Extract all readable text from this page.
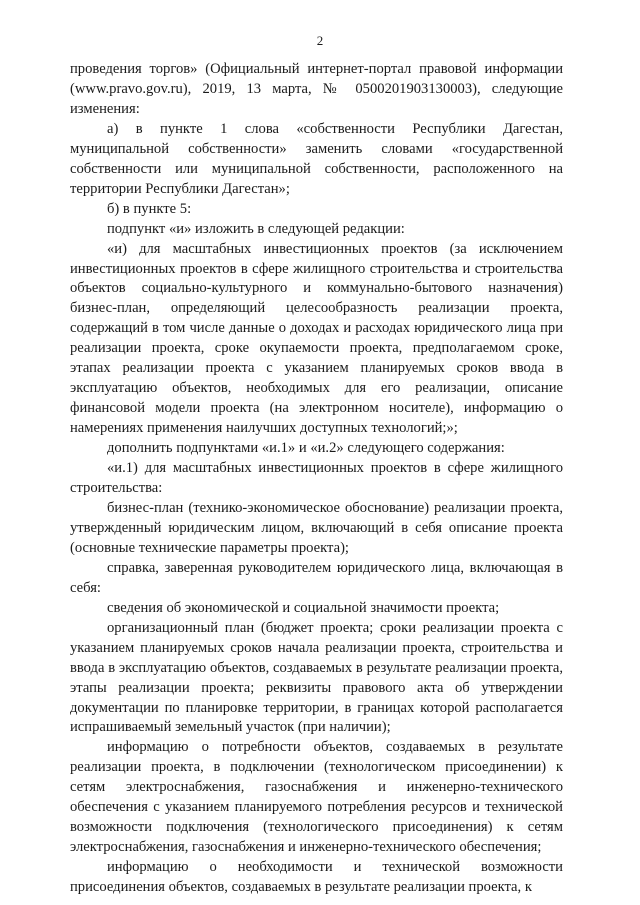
2

проведения торгов» (Официальный интернет-портал правовой информации (www.pravo.gov.ru), 2019, 13 марта, № 0500201903130003), следующие изменения:

а) в пункте 1 слова «собственности Республики Дагестан, муниципальной собственности» заменить словами «государственной собственности или муниципальной собственности, расположенного на территории Республики Дагестан»;

б) в пункте 5:

подпункт «и» изложить в следующей редакции:

«и) для масштабных инвестиционных проектов (за исключением инвестиционных проектов в сфере жилищного строительства и строительства объектов социально-культурного и коммунально-бытового назначения) бизнес-план, определяющий целесообразность реализации проекта, содержащий в том числе данные о доходах и расходах юридического лица при реализации проекта, сроке окупаемости проекта, предполагаемом сроке, этапах реализации проекта с указанием планируемых сроков ввода в эксплуатацию объектов, необходимых для его реализации, описание финансовой модели проекта (на электронном носителе), информацию о намерениях применения наилучших доступных технологий;»;

дополнить подпунктами «и.1» и «и.2» следующего содержания:

«и.1) для масштабных инвестиционных проектов в сфере жилищного строительства:

бизнес-план (технико-экономическое обоснование) реализации проекта, утвержденный юридическим лицом, включающий в себя описание проекта (основные технические параметры проекта);

справка, заверенная руководителем юридического лица, включающая в себя:

сведения об экономической и социальной значимости проекта;

организационный план (бюджет проекта; сроки реализации проекта с указанием планируемых сроков начала реализации проекта, строительства и ввода в эксплуатацию объектов, создаваемых в результате реализации проекта, этапы реализации проекта; реквизиты правового акта об утверждении документации по планировке территории, в границах которой располагается испрашиваемый земельный участок (при наличии);

информацию о потребности объектов, создаваемых в результате реализации проекта, в подключении (технологическом присоединении) к сетям электроснабжения, газоснабжения и инженерно-технического обеспечения с указанием планируемого потребления ресурсов и технической возможности подключения (технологического присоединения) к сетям электроснабжения, газоснабжения и инженерно-технического обеспечения;

информацию о необходимости и технической возможности присоединения объектов, создаваемых в результате реализации проекта, к
